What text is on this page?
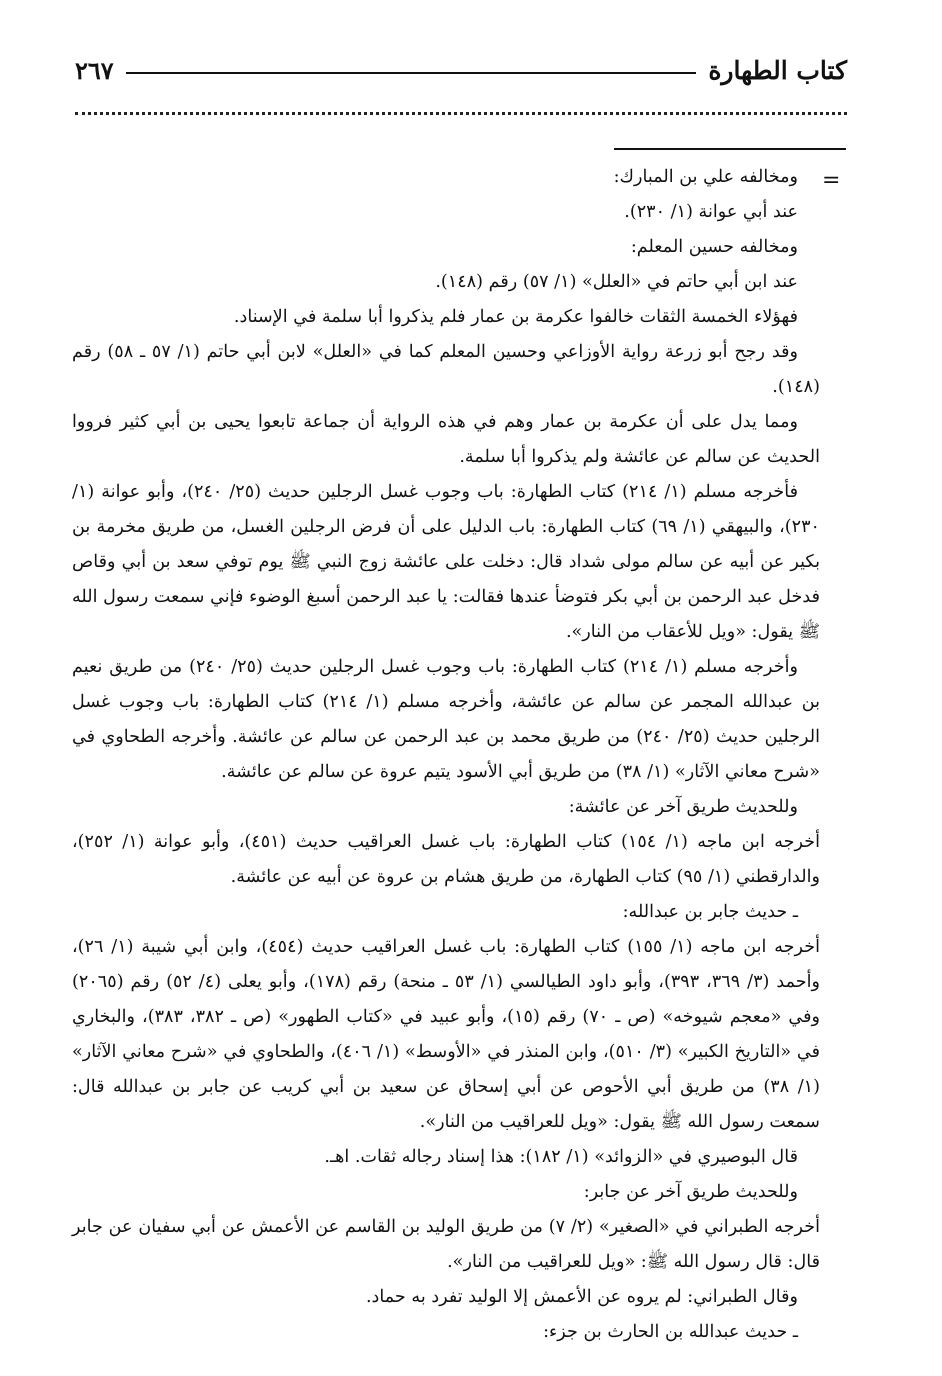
كتاب الطهارة
٢٦٧
=

ومخالفه علي بن المبارك:

عند أبي عوانة (١/ ٢٣٠).

ومخالفه حسين المعلم:

عند ابن أبي حاتم في «العلل» (١/ ٥٧) رقم (١٤٨).

فهؤلاء الخمسة الثقات خالفوا عكرمة بن عمار فلم يذكروا أبا سلمة في الإسناد.

وقد رجح أبو زرعة رواية الأوزاعي وحسين المعلم كما في «العلل» لابن أبي حاتم (١/ ٥٧ ـ ٥٨) رقم (١٤٨).

ومما يدل على أن عكرمة بن عمار وهم في هذه الرواية أن جماعة تابعوا يحيى بن أبي كثير فرووا الحديث عن سالم عن عائشة ولم يذكروا أبا سلمة.

فأخرجه مسلم (١/ ٢١٤) كتاب الطهارة: باب وجوب غسل الرجلين حديث (٢٥/ ٢٤٠)، وأبو عوانة (١/ ٢٣٠)، والبيهقي (١/ ٦٩) كتاب الطهارة: باب الدليل على أن فرض الرجلين الغسل، من طريق مخرمة بن بكير عن أبيه عن سالم مولى شداد قال: دخلت على عائشة زوج النبي ﷺ يوم توفي سعد بن أبي وقاص فدخل عبد الرحمن بن أبي بكر فتوضأ عندها فقالت: يا عبد الرحمن أسبغ الوضوء فإني سمعت رسول الله ﷺ يقول: «ويل للأعقاب من النار».

وأخرجه مسلم (١/ ٢١٤) كتاب الطهارة: باب وجوب غسل الرجلين حديث (٢٥/ ٢٤٠) من طريق نعيم بن عبدالله المجمر عن سالم عن عائشة، وأخرجه مسلم (١/ ٢١٤) كتاب الطهارة: باب وجوب غسل الرجلين حديث (٢٥/ ٢٤٠) من طريق محمد بن عبد الرحمن عن سالم عن عائشة. وأخرجه الطحاوي في «شرح معاني الآثار» (١/ ٣٨) من طريق أبي الأسود يتيم عروة عن سالم عن عائشة.

وللحديث طريق آخر عن عائشة:

أخرجه ابن ماجه (١/ ١٥٤) كتاب الطهارة: باب غسل العراقيب حديث (٤٥١)، وأبو عوانة (١/ ٢٥٢)، والدارقطني (١/ ٩٥) كتاب الطهارة، من طريق هشام بن عروة عن أبيه عن عائشة.

ـ حديث جابر بن عبدالله:

أخرجه ابن ماجه (١/ ١٥٥) كتاب الطهارة: باب غسل العراقيب حديث (٤٥٤)، وابن أبي شيبة (١/ ٢٦)، وأحمد (٣/ ٣٦٩، ٣٩٣)، وأبو داود الطيالسي (١/ ٥٣ ـ منحة) رقم (١٧٨)، وأبو يعلى (٤/ ٥٢) رقم (٢٠٦٥) وفي «معجم شيوخه» (ص ـ ٧٠) رقم (١٥)، وأبو عبيد في «كتاب الطهور» (ص ـ ٣٨٢، ٣٨٣)، والبخاري في «التاريخ الكبير» (٣/ ٥١٠)، وابن المنذر في «الأوسط» (١/ ٤٠٦)، والطحاوي في «شرح معاني الآثار» (١/ ٣٨) من طريق أبي الأحوص عن أبي إسحاق عن سعيد بن أبي كريب عن جابر بن عبدالله قال: سمعت رسول الله ﷺ يقول: «ويل للعراقيب من النار».

قال البوصيري في «الزوائد» (١/ ١٨٢): هذا إسناد رجاله ثقات. اهـ.

وللحديث طريق آخر عن جابر:

أخرجه الطبراني في «الصغير» (٢/ ٧) من طريق الوليد بن القاسم عن الأعمش عن أبي سفيان عن جابر قال: قال رسول الله ﷺ: «ويل للعراقيب من النار».

وقال الطبراني: لم يروه عن الأعمش إلا الوليد تفرد به حماد.

ـ حديث عبدالله بن الحارث بن جزء:
